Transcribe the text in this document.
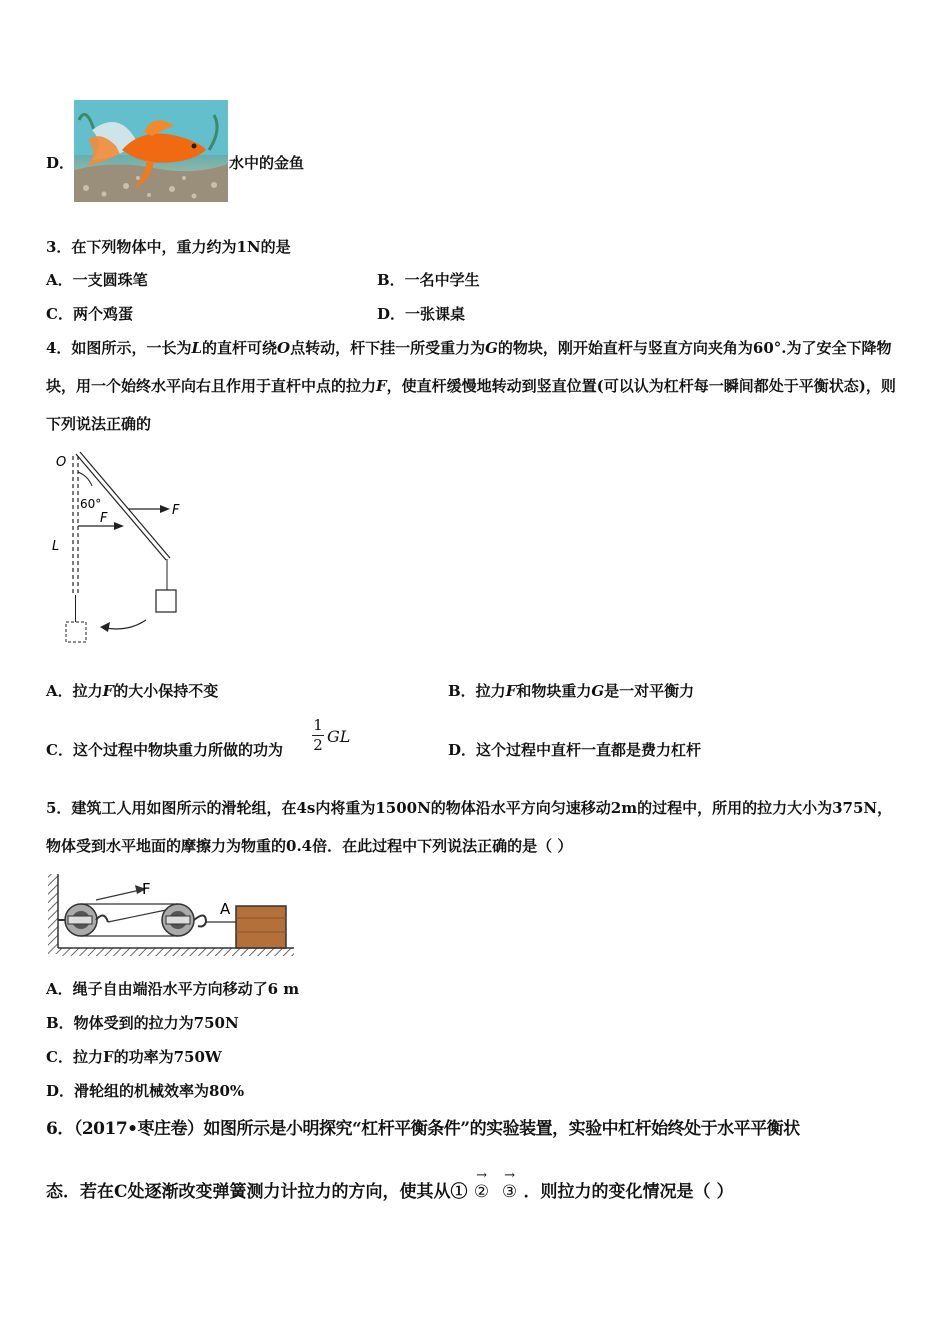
D．	水中的金鱼
3．在下列物体中，重力约为1N的是
A．一支圆珠笔	B．一名中学生
C．两个鸡蛋	D．一张课桌
4．如图所示，一长为L的直杆可绕O点转动，杆下挂一所受重力为G的物块，刚开始直杆与竖直方向夹角为60°.为了安全下降物块，用一个始终水平向右且作用于直杆中点的拉力F，使直杆缓慢地转动到竖直位置(可以认为杠杆每一瞬间都处于平衡状态)，则下列说法正确的
O
60°	F
F
L
A．拉力F的大小保持不变	B．拉力F和物块重力G是一对平衡力
C．这个过程中物块重力所做的功为
1
2 GL
D．这个过程中直杆一直都是费力杠杆
5．建筑工人用如图所示的滑轮组，在4s内将重为1500N的物体沿水平方向匀速移动2m的过程中，所用的拉力大小为375N，物体受到水平地面的摩擦力为物重的0.4倍．在此过程中下列说法正确的是（ ）
F
A
A．绳子自由端沿水平方向移动了6 m
B．物体受到的拉力为750N
C．拉力F的功率为750W
D．滑轮组的机械效率为80%
6．（2017•枣庄卷）如图所示是小明探究“杠杆平衡条件”的实验装置，实验中杠杆始终处于水平平衡状
态．若在C处逐渐改变弹簧测力计拉力的方向，使其从①
→
②
→
③ ．则拉力的变化情况是（ ）
